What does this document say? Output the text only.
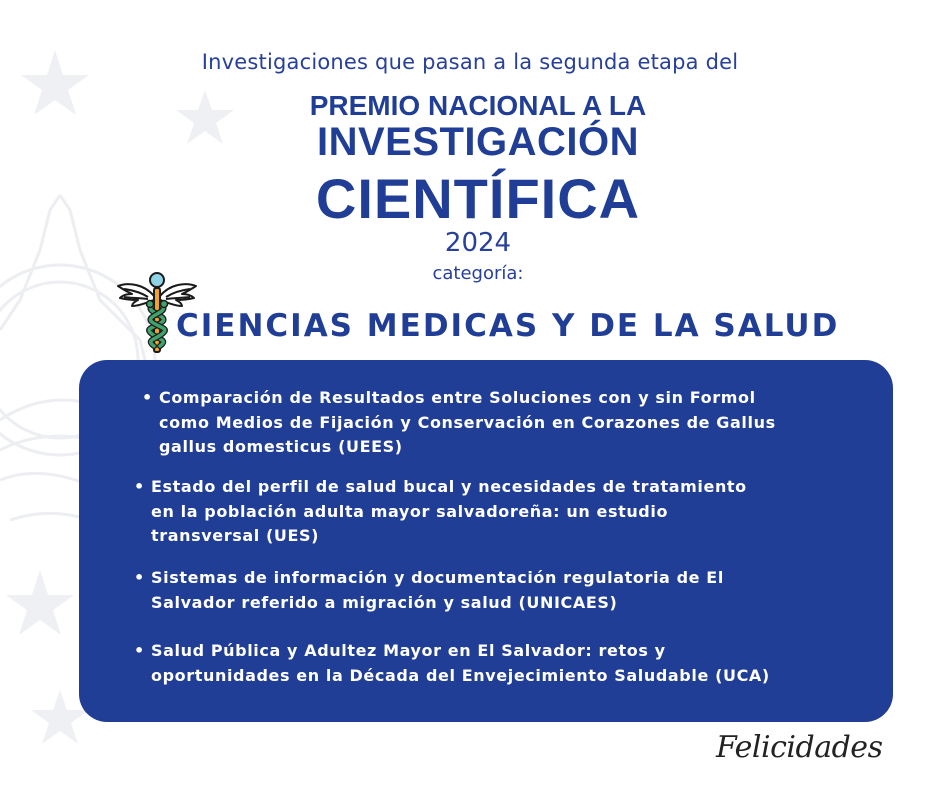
Investigaciones que pasan a la segunda etapa del
PREMIO NACIONAL A LA
INVESTIGACIÓN
CIENTÍFICA
2024
categoría:
CIENCIAS MEDICAS Y DE LA SALUD
• Comparación de Resultados entre Soluciones con y sin Formol
como Medios de Fijación y Conservación en Corazones de Gallus
gallus domesticus (UEES)
• Estado del perfil de salud bucal y necesidades de tratamiento
en la población adulta mayor salvadoreña: un estudio
transversal (UES)
• Sistemas de información y documentación regulatoria de El
Salvador referido a migración y salud (UNICAES)
• Salud Pública y Adultez Mayor en El Salvador: retos y
oportunidades en la Década del Envejecimiento Saludable (UCA)
Felicidades
